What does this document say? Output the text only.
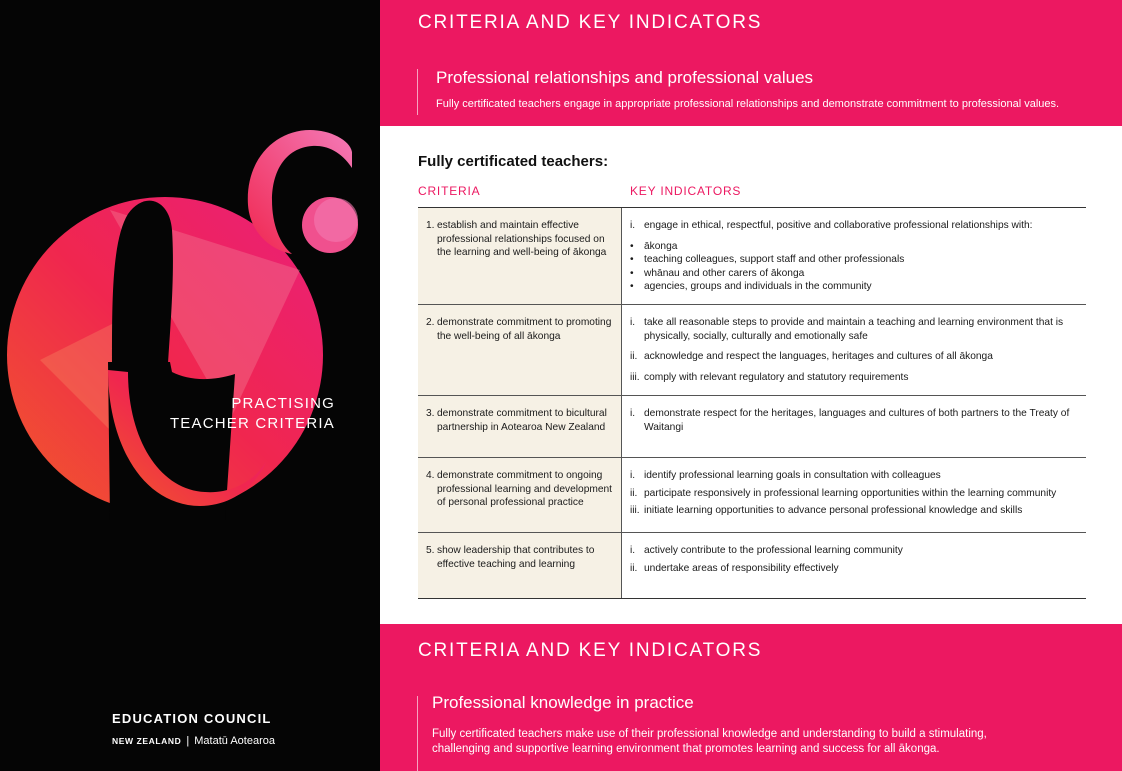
PRACTISING
TEACHER CRITERIA
EDUCATION COUNCIL
NEW ZEALAND | Matatū Aotearoa
CRITERIA AND KEY INDICATORS
Professional relationships and professional values
Fully certificated teachers engage in appropriate professional relationships and demonstrate commitment to professional values.
Fully certificated teachers:
CRITERIA	KEY INDICATORS
1. establish and maintain effective professional relationships focused on the learning and well-being of ākonga
i. engage in ethical, respectful, positive and collaborative professional relationships with:
• ākonga
• teaching colleagues, support staff and other professionals
• whānau and other carers of ākonga
• agencies, groups and individuals in the community
2. demonstrate commitment to promoting the well-being of all ākonga
i. take all reasonable steps to provide and maintain a teaching and learning environment that is physically, socially, culturally and emotionally safe
ii. acknowledge and respect the languages, heritages and cultures of all ākonga
iii. comply with relevant regulatory and statutory requirements
3. demonstrate commitment to bicultural partnership in Aotearoa New Zealand
i. demonstrate respect for the heritages, languages and cultures of both partners to the Treaty of Waitangi
4. demonstrate commitment to ongoing professional learning and development of personal professional practice
i. identify professional learning goals in consultation with colleagues
ii. participate responsively in professional learning opportunities within the learning community
iii. initiate learning opportunities to advance personal professional knowledge and skills
5. show leadership that contributes to effective teaching and learning
i. actively contribute to the professional learning community
ii. undertake areas of responsibility effectively
CRITERIA AND KEY INDICATORS
Professional knowledge in practice
Fully certificated teachers make use of their professional knowledge and understanding to build a stimulating, challenging and supportive learning environment that promotes learning and success for all ākonga.
